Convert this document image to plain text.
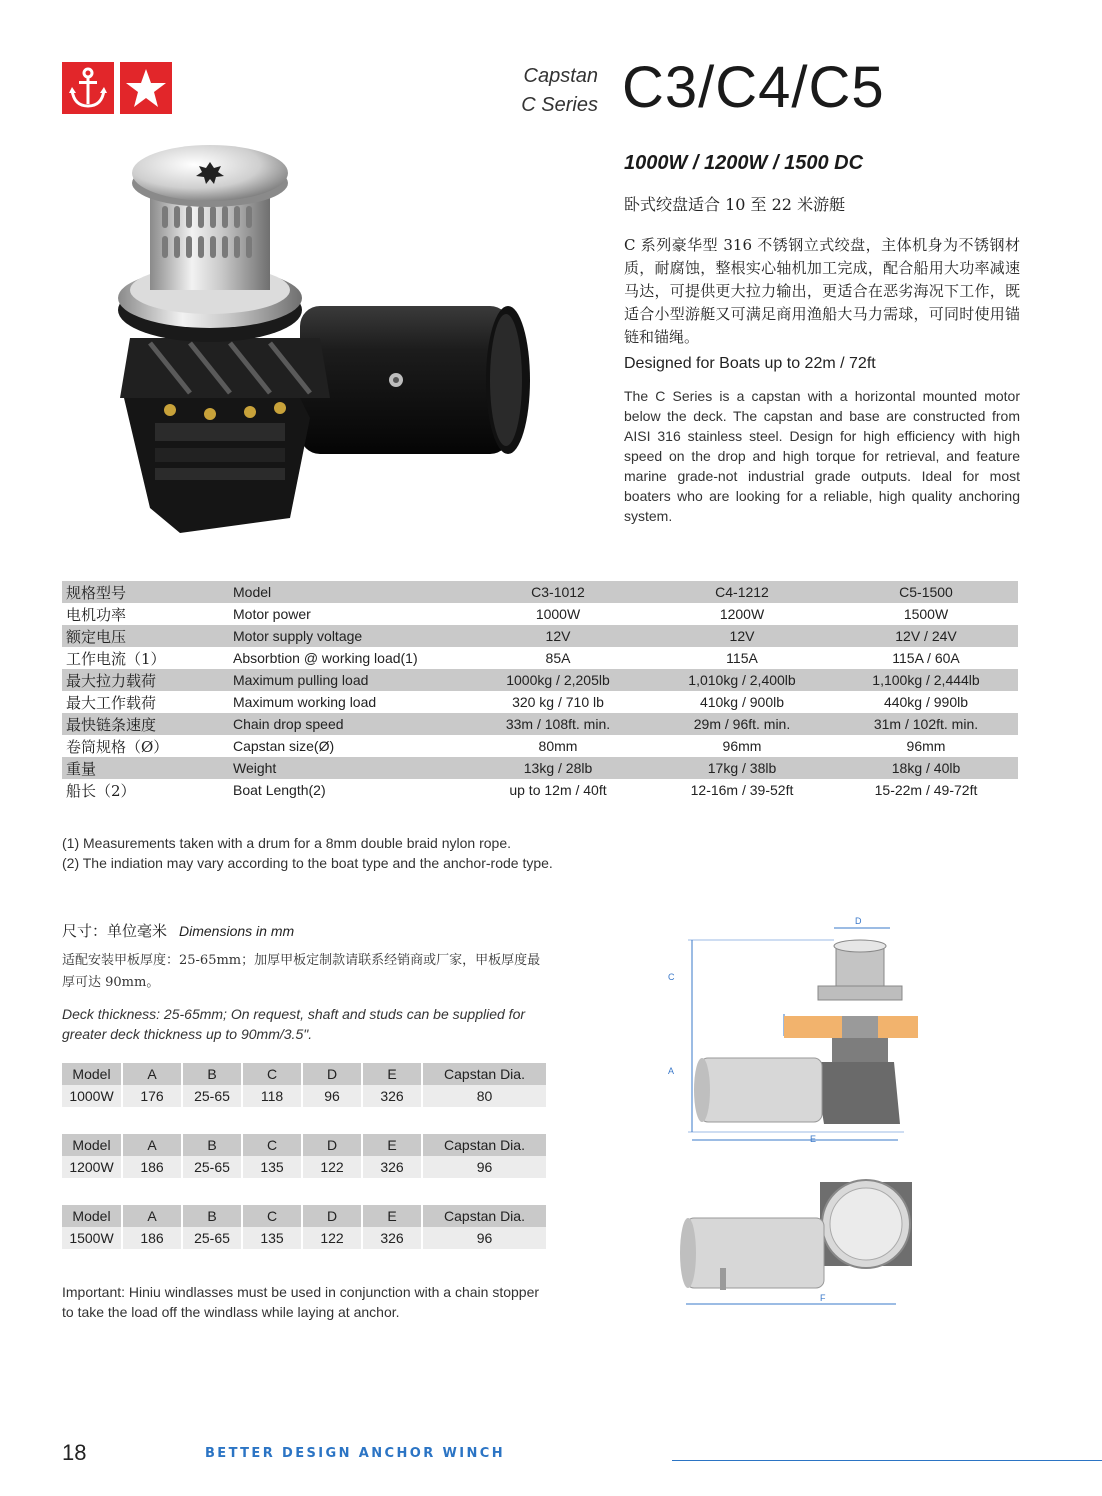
Capstan
C Series C3/C4/C5
1000W / 1200W / 1500 DC
卧式绞盘适合 10 至 22 米游艇
C 系列豪华型 316 不锈钢立式绞盘，主体机身为不锈钢材质，耐腐蚀，整根实心轴机加工完成，配合船用大功率减速马达，可提供更大拉力输出，更适合在恶劣海况下工作，既适合小型游艇又可满足商用渔船大马力需球，可同时使用锚链和锚绳。
Designed for Boats up to 22m / 72ft
The C Series is a capstan with a horizontal mounted motor below the deck. The capstan and base are constructed from AISI 316 stainless steel. Design for high efficiency with high speed on the drop and high torque for retrieval, and feature marine grade-not industrial grade outputs. Ideal for most boaters who are looking for a reliable, high quality anchoring system.
规格型号	Model	C3-1012	C4-1212	C5-1500
电机功率	Motor power	1000W	1200W	1500W
额定电压	Motor supply voltage	12V	12V	12V / 24V
工作电流（1）	Absorbtion @ working load(1)	85A	115A	115A / 60A
最大拉力载荷	Maximum pulling load	1000kg / 2,205lb	1,010kg / 2,400lb	1,100kg / 2,444lb
最大工作载荷	Maximum working load	320 kg / 710 lb	410kg / 900lb	440kg / 990lb
最快链条速度	Chain drop speed	33m / 108ft. min.	29m / 96ft. min.	31m / 102ft. min.
卷筒规格（Ø）	Capstan size(Ø)	80mm	96mm	96mm
重量	Weight	13kg / 28lb	17kg / 38lb	18kg / 40lb
船长（2）	Boat Length(2)	up to 12m / 40ft	12-16m / 39-52ft	15-22m / 49-72ft
(1) Measurements taken with a drum for a 8mm double braid nylon rope.
(2) The indiation may vary according to the boat type and the anchor-rode type.
尺寸：单位毫米 Dimensions in mm
适配安装甲板厚度：25-65mm；加厚甲板定制款请联系经销商或厂家，甲板厚度最厚可达 90mm。
Deck thickness: 25-65mm; On request, shaft and studs can be supplied for greater deck thickness up to 90mm/3.5".
Model	A	B	C	D	E	Capstan Dia.
1000W	176	25-65	118	96	326	80
Model	A	B	C	D	E	Capstan Dia.
1200W	186	25-65	135	122	326	96
Model	A	B	C	D	E	Capstan Dia.
1500W	186	25-65	135	122	326	96
Important: Hiniu windlasses must be used in conjunction with a chain stopper to take the load off the windlass while laying at anchor.
D
C
A
E
F
18	BETTER DESIGN ANCHOR WINCH
